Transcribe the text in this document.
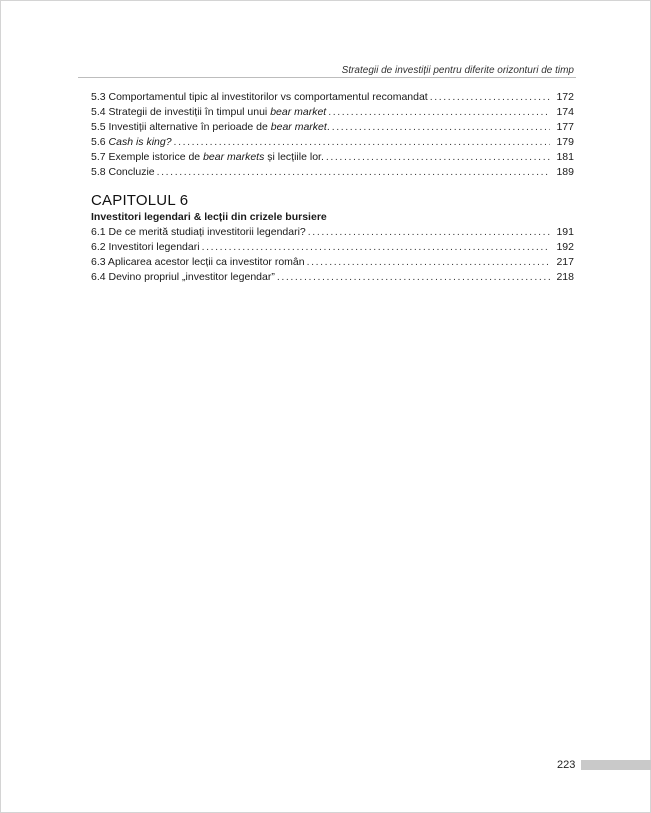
Strategii de investiții pentru diferite orizonturi de timp
5.3 Comportamentul tipic al investitorilor vs comportamentul recomandat .....	172
5.4 Strategii de investiții în timpul unui bear market .....	174
5.5 Investiții alternative în perioade de bear market. .....	177
5.6 Cash is king? .....	179
5.7 Exemple istorice de bear markets și lecțiile lor. .....	181
5.8 Concluzie .....	189
CAPITOLUL 6
Investitori legendari & lecții din crizele bursiere
6.1 De ce merită studiați investitorii legendari? .....	191
6.2 Investitori legendari .....	192
6.3 Aplicarea acestor lecții ca investitor român .....	217
6.4 Devino propriul „investitor legendar” .....	218
223
